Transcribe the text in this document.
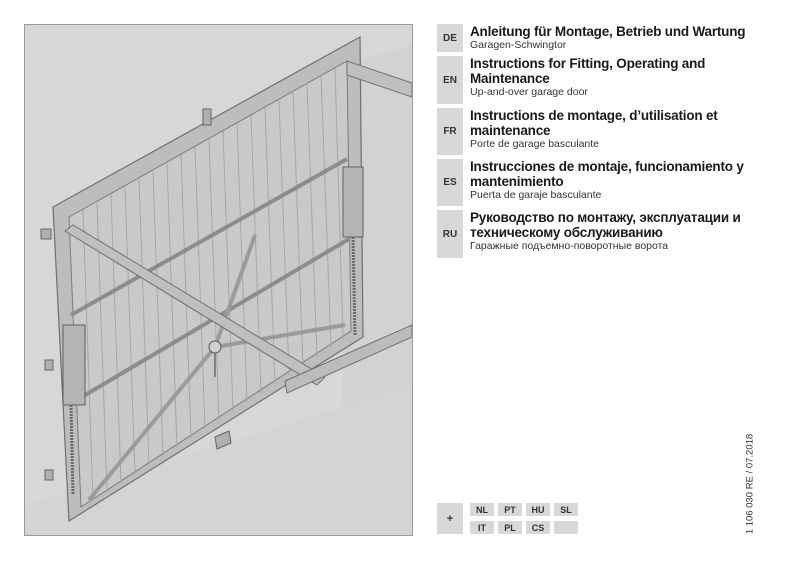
DE Anleitung für Montage, Betrieb und Wartung
Garagen-Schwingtor
EN
Instructions for Fitting, Operating and Maintenance
Up-and-over garage door
FR
Instructions de montage, d’utilisation et maintenance
Porte de garage basculante
ES
Instrucciones de montaje, funcionamiento y mantenimiento
Puerta de garaje basculante
RU
Руководство по монтажу, эксплуатации и техническому обслуживанию
Гаражные подъемно-поворотные ворота
+
NL	PT	HU	SL
IT	PL	CS	1 106 030 RE / 07.2018
